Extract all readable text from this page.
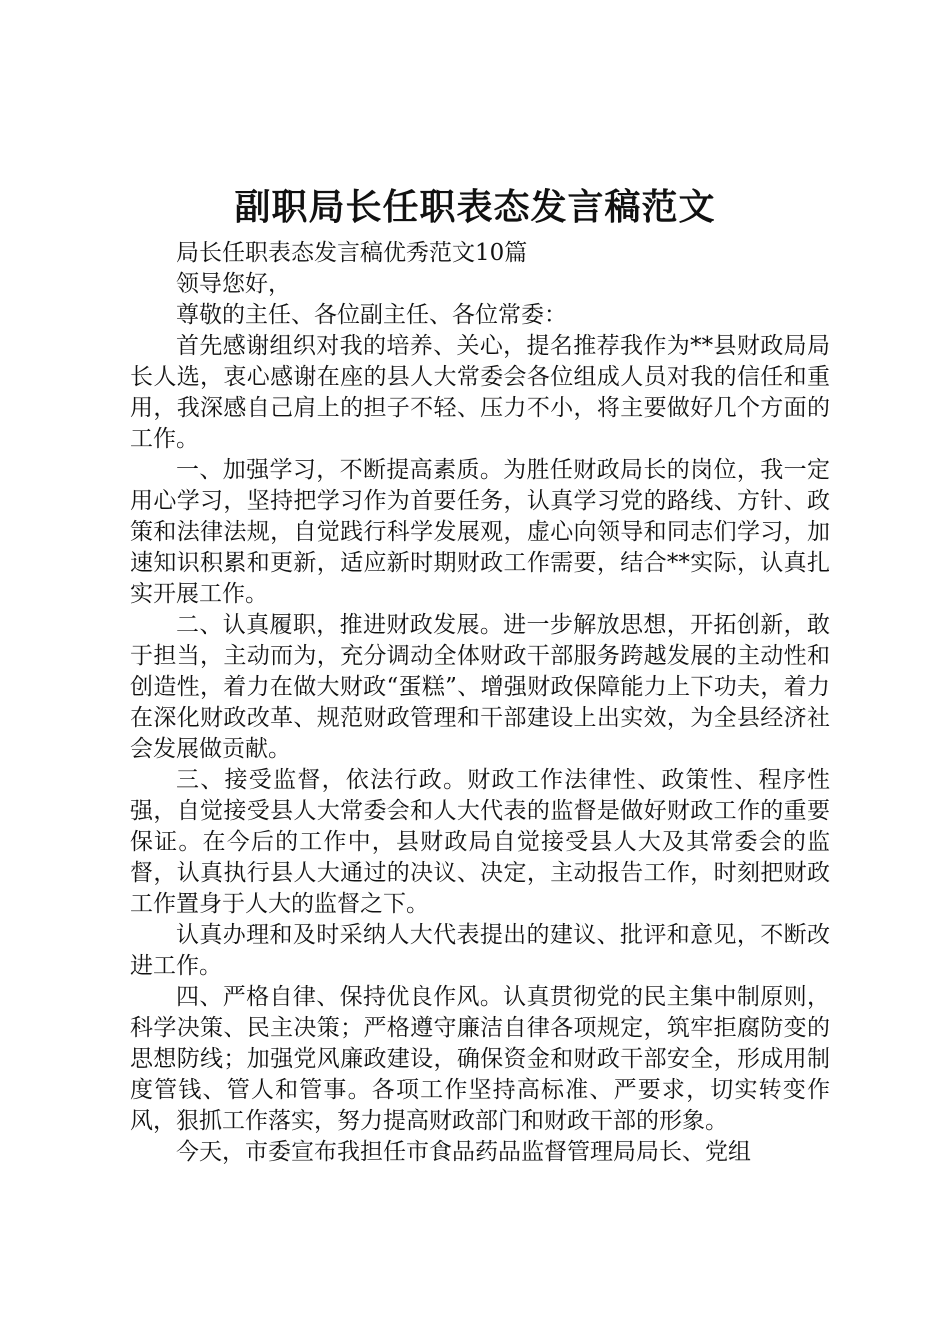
副职局长任职表态发言稿范文

局长任职表态发言稿优秀范文10篇

领导您好，

尊敬的主任、各位副主任、各位常委：

首先感谢组织对我的培养、关心，提名推荐我作为**县财政局局长人选，衷心感谢在座的县人大常委会各位组成人员对我的信任和重用，我深感自己肩上的担子不轻、压力不小，将主要做好几个方面的工作。

一、加强学习，不断提高素质。为胜任财政局长的岗位，我一定用心学习，坚持把学习作为首要任务，认真学习党的路线、方针、政策和法律法规，自觉践行科学发展观，虚心向领导和同志们学习，加速知识积累和更新，适应新时期财政工作需要，结合**实际，认真扎实开展工作。

二、认真履职，推进财政发展。进一步解放思想，开拓创新，敢于担当，主动而为，充分调动全体财政干部服务跨越发展的主动性和创造性，着力在做大财政“蛋糕”、增强财政保障能力上下功夫，着力在深化财政改革、规范财政管理和干部建设上出实效，为全县经济社会发展做贡献。

三、接受监督，依法行政。财政工作法律性、政策性、程序性强，自觉接受县人大常委会和人大代表的监督是做好财政工作的重要保证。在今后的工作中，县财政局自觉接受县人大及其常委会的监督，认真执行县人大通过的决议、决定，主动报告工作，时刻把财政工作置身于人大的监督之下。

认真办理和及时采纳人大代表提出的建议、批评和意见，不断改进工作。

四、严格自律、保持优良作风。认真贯彻党的民主集中制原则，科学决策、民主决策；严格遵守廉洁自律各项规定，筑牢拒腐防变的思想防线；加强党风廉政建设，确保资金和财政干部安全，形成用制度管钱、管人和管事。各项工作坚持高标准、严要求，切实转变作风，狠抓工作落实，努力提高财政部门和财政干部的形象。

今天，市委宣布我担任市食品药品监督管理局局长、党组
